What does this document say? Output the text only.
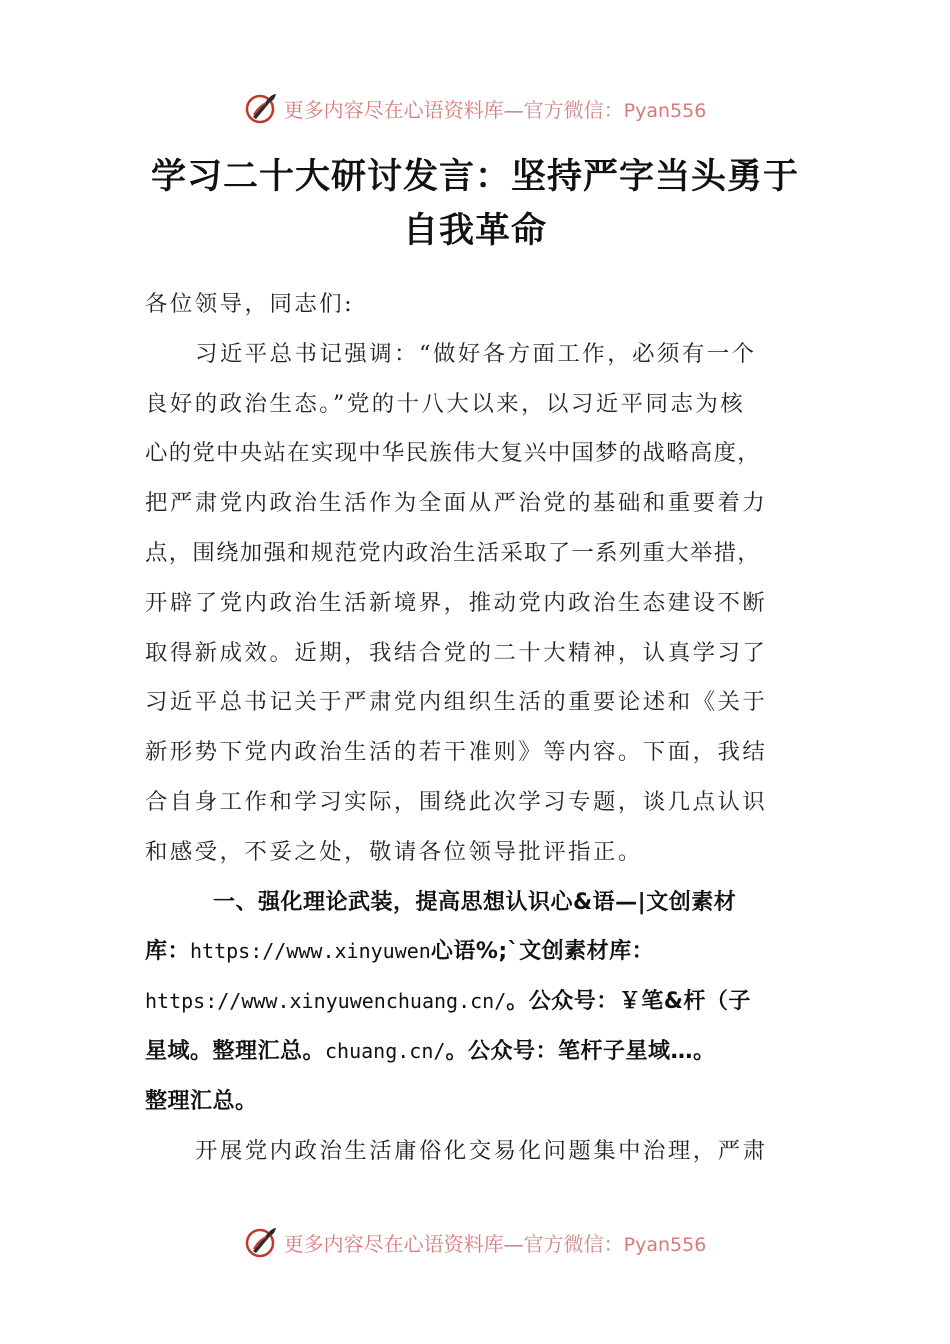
更多内容尽在心语资料库—官方微信：Pyan556
学习二十大研讨发言：坚持严字当头勇于
自我革命
各位领导，同志们:
习近平总书记强调：“做好各方面工作，必须有一个
良好的政治生态。”党的十八大以来，以习近平同志为核
心的党中央站在实现中华民族伟大复兴中国梦的战略高度，
把严肃党内政治生活作为全面从严治党的基础和重要着力
点，围绕加强和规范党内政治生活采取了一系列重大举措，
开辟了党内政治生活新境界，推动党内政治生态建设不断
取得新成效。近期，我结合党的二十大精神，认真学习了
习近平总书记关于严肃党内组织生活的重要论述和《关于
新形势下党内政治生活的若干准则》等内容。下面，我结
合自身工作和学习实际，围绕此次学习专题，谈几点认识
和感受，不妥之处，敬请各位领导批评指正。
一、强化理论武装，提高思想认识心&语—|文创素材
库：https://www.xinyuwen心语%;`文创素材库：
https://www.xinyuwenchuang.cn/。公众号：￥笔&杆（子
星域。整理汇总。chuang.cn/。公众号：笔杆子星域…。
整理汇总。
开展党内政治生活庸俗化交易化问题集中治理，严肃
更多内容尽在心语资料库—官方微信：Pyan556
